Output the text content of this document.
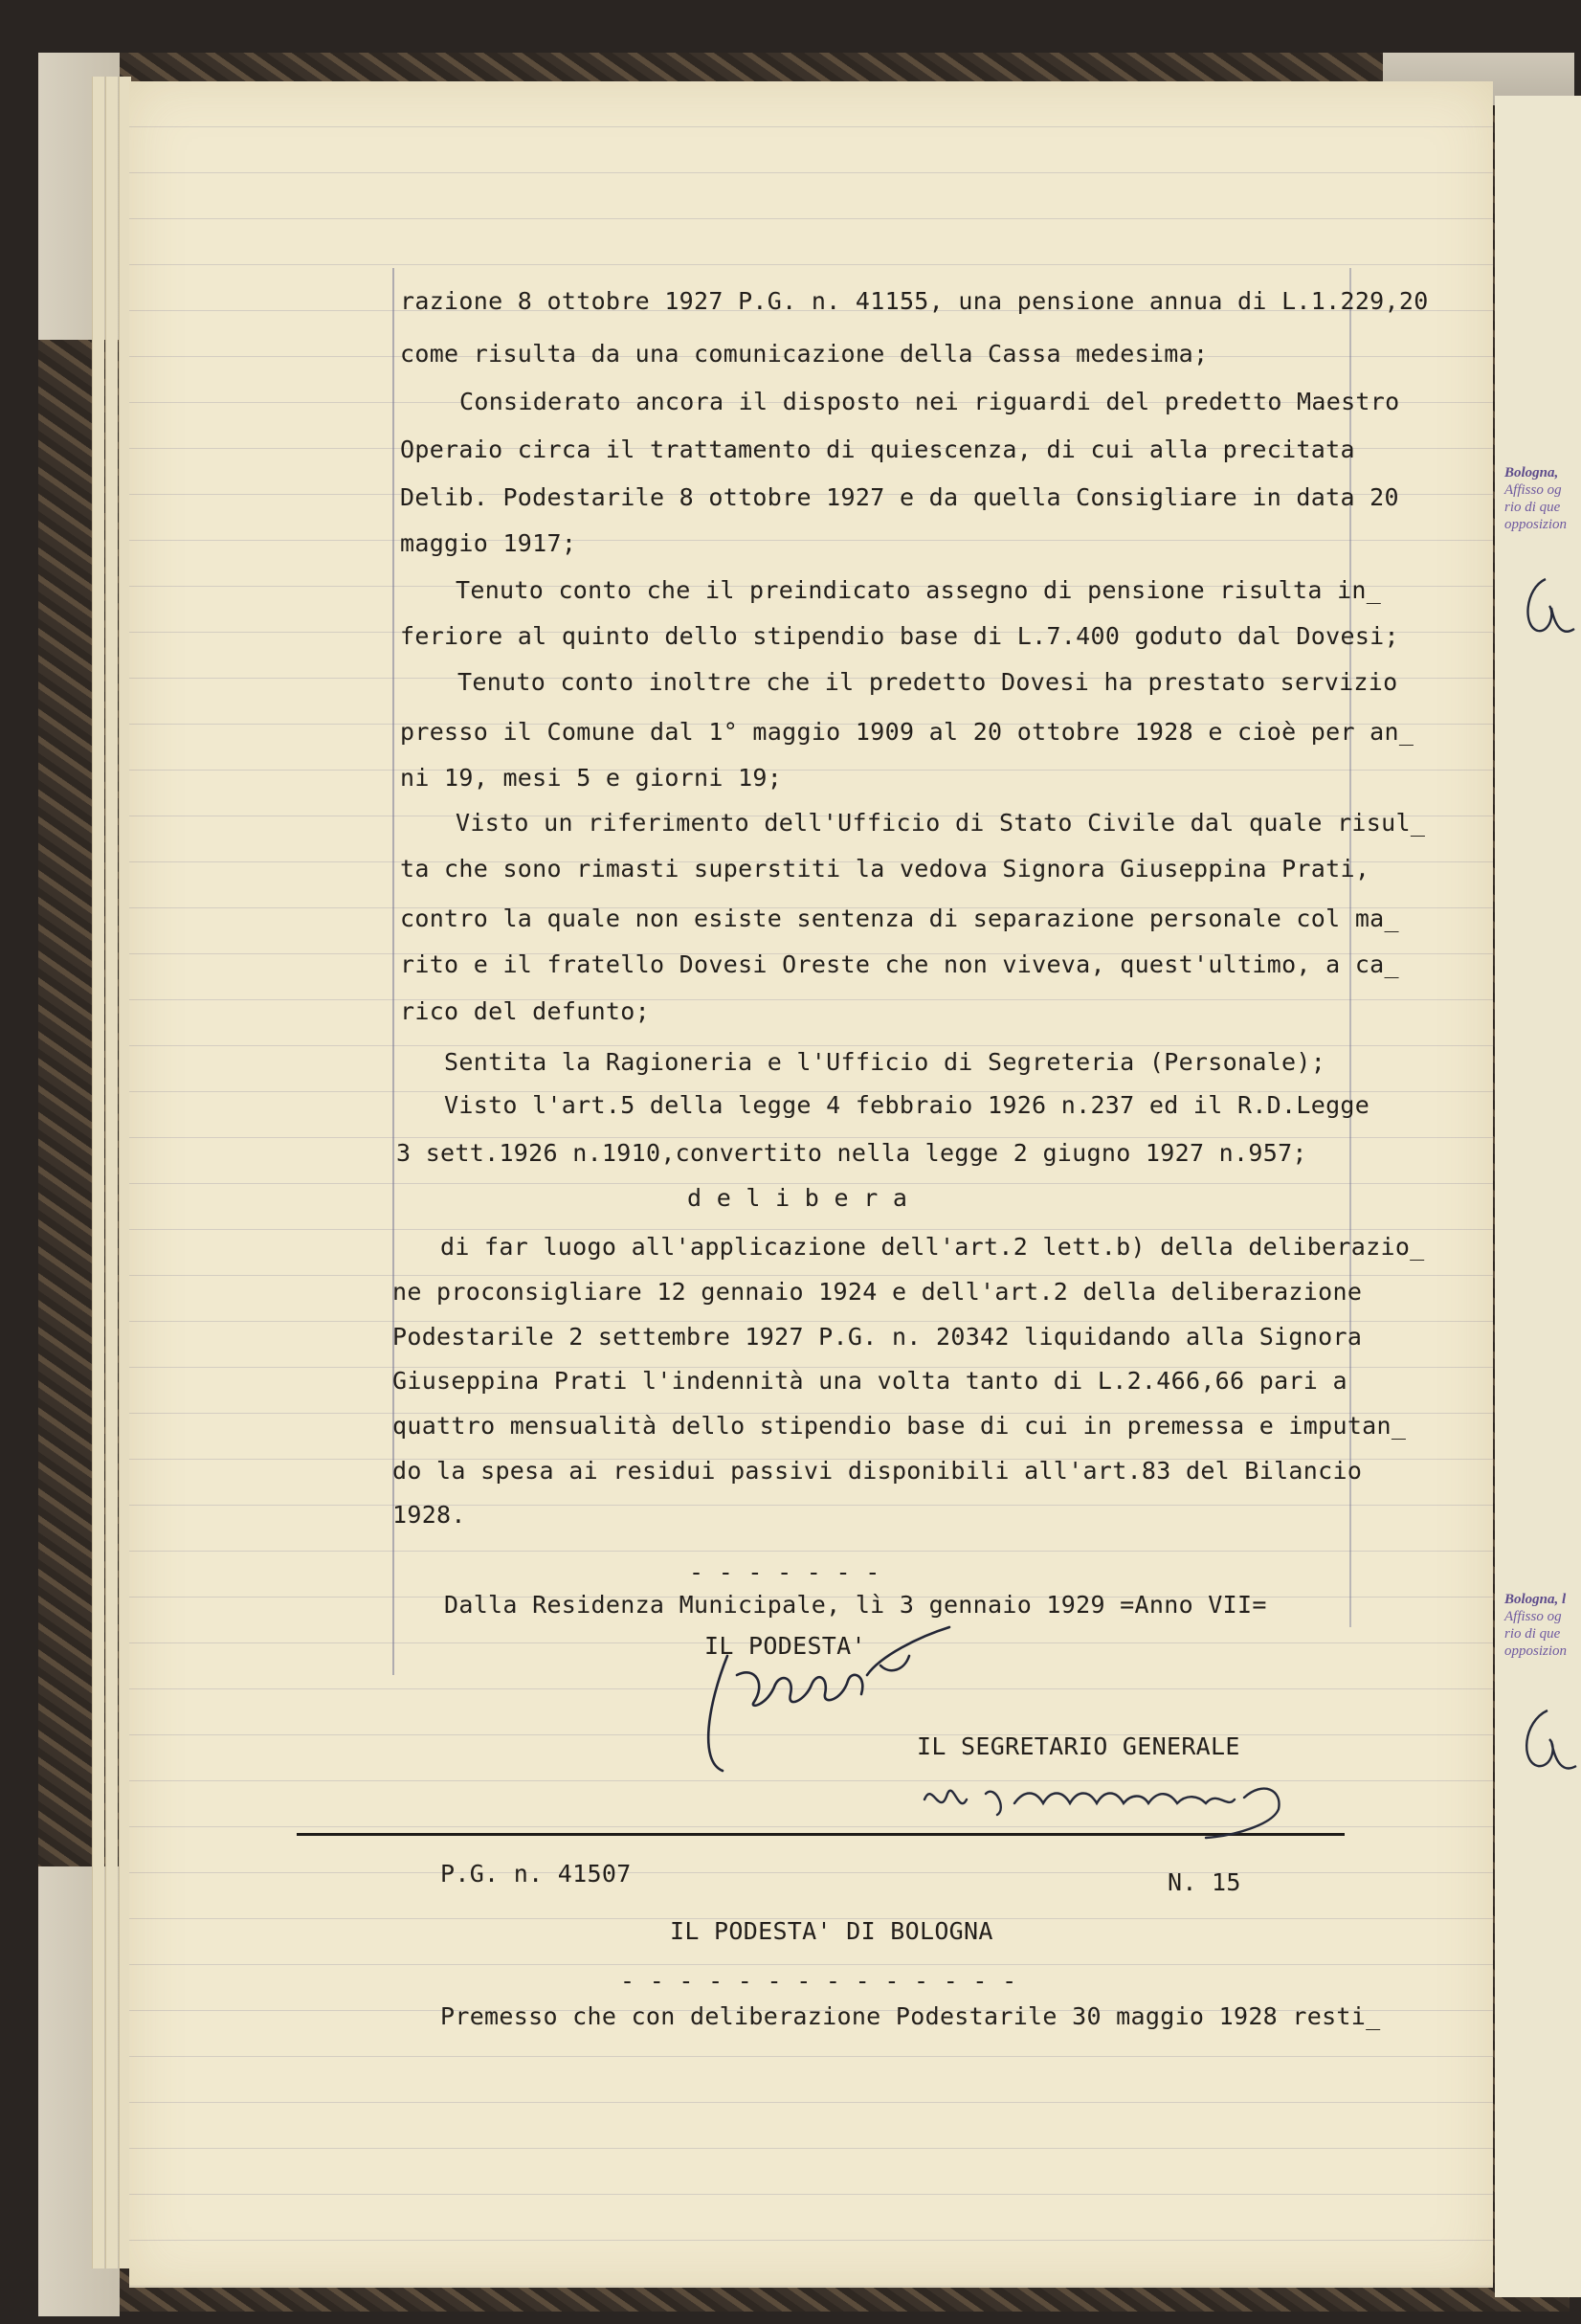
razione 8 ottobre 1927 P.G. n. 41155, una pensione annua di L.1.229,20
come risulta da una comunicazione della Cassa medesima;
Considerato ancora il disposto nei riguardi del predetto Maestro
Operaio circa il trattamento di quiescenza, di cui alla precitata
Delib. Podestarile 8 ottobre 1927 e da quella Consigliare in data 20
maggio 1917;
Tenuto conto che il preindicato assegno di pensione risulta in_
feriore al quinto dello stipendio base di L.7.400 goduto dal Dovesi;
Tenuto conto inoltre che il predetto Dovesi ha prestato servizio
presso il Comune dal 1° maggio 1909 al 20 ottobre 1928 e cioè per an_
ni 19, mesi 5 e giorni 19;
Visto un riferimento dell'Ufficio di Stato Civile dal quale risul_
ta che sono rimasti superstiti la vedova Signora Giuseppina Prati,
contro la quale non esiste sentenza di separazione personale col ma_
rito e il fratello Dovesi Oreste che non viveva, quest'ultimo, a ca_
rico del defunto;
Sentita la Ragioneria e l'Ufficio di Segreteria (Personale);
Visto l'art.5 della legge 4 febbraio 1926 n.237 ed il R.D.Legge
3 sett.1926 n.1910,convertito nella legge 2 giugno 1927 n.957;
d e l i b e r a
di far luogo all'applicazione dell'art.2 lett.b) della deliberazio_
ne proconsigliare 12 gennaio 1924 e dell'art.2 della deliberazione
Podestarile 2 settembre 1927 P.G. n. 20342 liquidando alla Signora
Giuseppina Prati l'indennità una volta tanto di L.2.466,66 pari a
quattro mensualità dello stipendio base di cui in premessa e imputan_
do la spesa ai residui passivi disponibili all'art.83 del Bilancio
1928.
- - - - - - -
Dalla Residenza Municipale, lì 3 gennaio 1929 =Anno VII=
IL PODESTA'
IL SEGRETARIO GENERALE
P.G. n. 41507	N. 15
IL PODESTA' DI BOLOGNA
- - - - - - - - - - - - - -
Premesso che con deliberazione Podestarile 30 maggio 1928 resti_
Bologna,
Affisso og
rio di que
opposizion
Bologna, l
Affisso og
rio di que
opposizion
